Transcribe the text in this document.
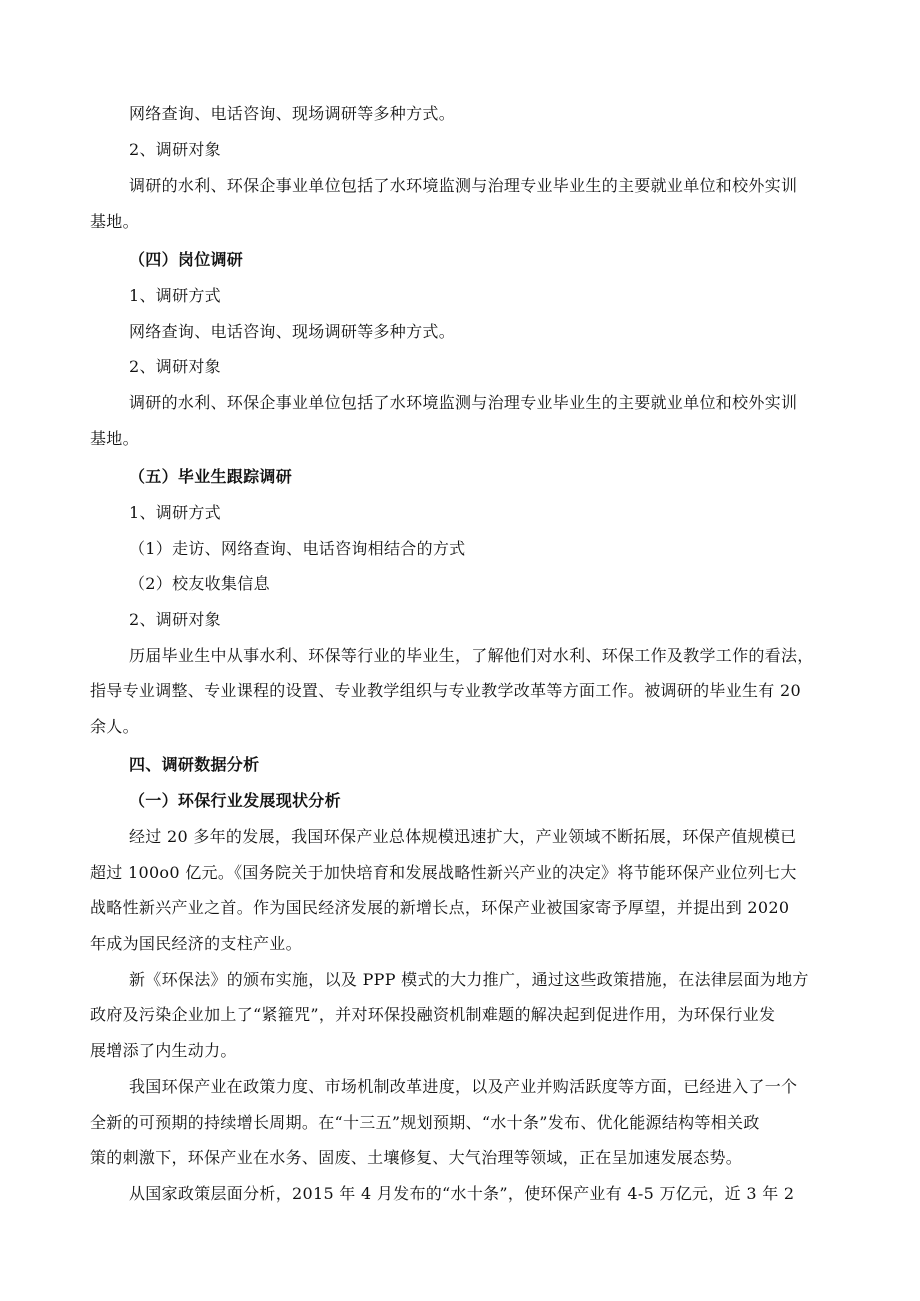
网络查询、电话咨询、现场调研等多种方式。
2、调研对象
调研的水利、环保企事业单位包括了水环境监测与治理专业毕业生的主要就业单位和校外实训
基地。
（四）岗位调研
1、调研方式
网络查询、电话咨询、现场调研等多种方式。
2、调研对象
调研的水利、环保企事业单位包括了水环境监测与治理专业毕业生的主要就业单位和校外实训
基地。
（五）毕业生跟踪调研
1、调研方式
（1）走访、网络查询、电话咨询相结合的方式
（2）校友收集信息
2、调研对象
历届毕业生中从事水利、环保等行业的毕业生，了解他们对水利、环保工作及教学工作的看法，
指导专业调整、专业课程的设置、专业教学组织与专业教学改革等方面工作。被调研的毕业生有 20
余人。
四、调研数据分析
（一）环保行业发展现状分析
经过 20 多年的发展，我国环保产业总体规模迅速扩大，产业领域不断拓展，环保产值规模已
超过 100o0 亿元。《国务院关于加快培育和发展战略性新兴产业的决定》将节能环保产业位列七大
战略性新兴产业之首。作为国民经济发展的新增长点，环保产业被国家寄予厚望，并提出到 2020
年成为国民经济的支柱产业。
新《环保法》的颁布实施，以及 PPP 模式的大力推广，通过这些政策措施，在法律层面为地方
政府及污染企业加上了“紧箍咒”，并对环保投融资机制难题的解决起到促进作用，为环保行业发
展增添了内生动力。
我国环保产业在政策力度、市场机制改革进度，以及产业并购活跃度等方面，已经进入了一个
全新的可预期的持续增长周期。在“十三五”规划预期、“水十条”发布、优化能源结构等相关政
策的刺激下，环保产业在水务、固废、土壤修复、大气治理等领域，正在呈加速发展态势。
从国家政策层面分析，2015 年 4 月发布的“水十条”，使环保产业有 4-5 万亿元，近 3 年 2
